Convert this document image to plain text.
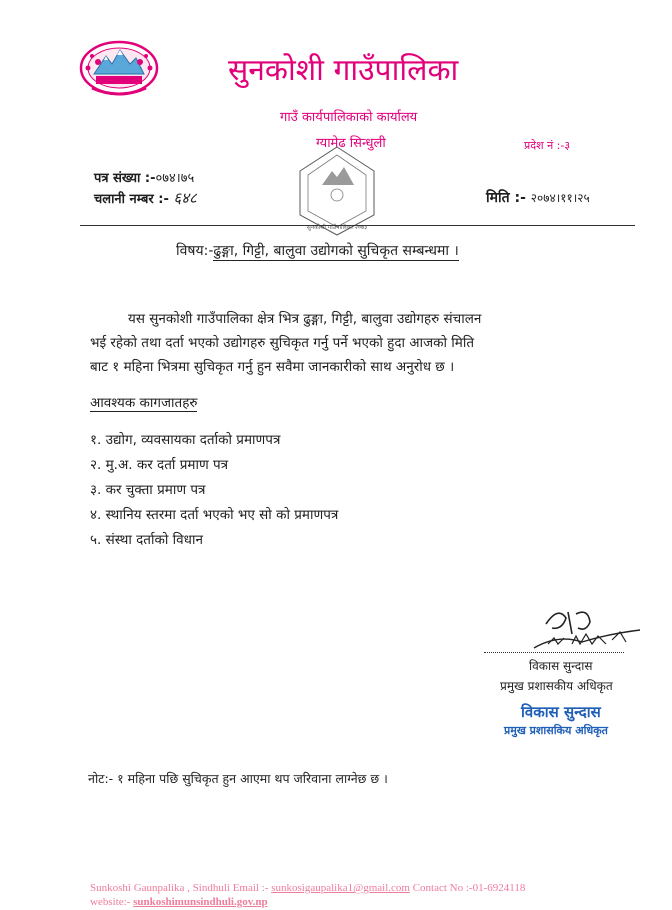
सुनकोशी गाउँपालिका
गाउँ कार्यपालिकाको कार्यालय
ग्यामेढ सिन्धुली	प्रदेश नं :-३
सुनकोशी गाउँपालिका २०७३
पत्र संख्या :-०७४।७५
चलानी नम्बर :- ६४८	मिति :- २०७४।११।२५
विषय:-ढुङ्गा, गिट्टी, बालुवा उद्योगको सुचिकृत सम्बन्धमा ।
यस सुनकोशी गाउँपालिका क्षेत्र भित्र ढुङ्गा, गिट्टी, बालुवा उद्योगहरु संचालन
भई रहेको तथा दर्ता भएको उद्योगहरु सुचिकृत गर्नु पर्ने भएकाे हुदा आजको मिति
बाट १ महिना भित्रमा सुचिकृत गर्नु हुन सवैमा जानकारीको साथ अनुरोध छ ।
आवश्यक कागजातहरु
१. उद्योग, व्यवसायका दर्ताको प्रमाणपत्र
२. मु.अ. कर दर्ता प्रमाण पत्र
३. कर चुक्ता प्रमाण पत्र
४. स्थानिय स्तरमा दर्ता भएको भए सो को प्रमाणपत्र
५. संस्था दर्ताको विधान
विकास सुन्दास
प्रमुख प्रशासकीय अधिकृत
विकास सुन्दास
प्रमुख प्रशासकिय अधिकृत
नोट:- १ महिना पछि सुचिकृत हुन आएमा थप जरिवाना लाग्नेछ छ ।
Sunkoshi Gaunpalika , Sindhuli Email :- sunkosigaupalika1@gmail.com Contact No :-01-6924118
website:- sunkoshimunsindhuli.gov.np
